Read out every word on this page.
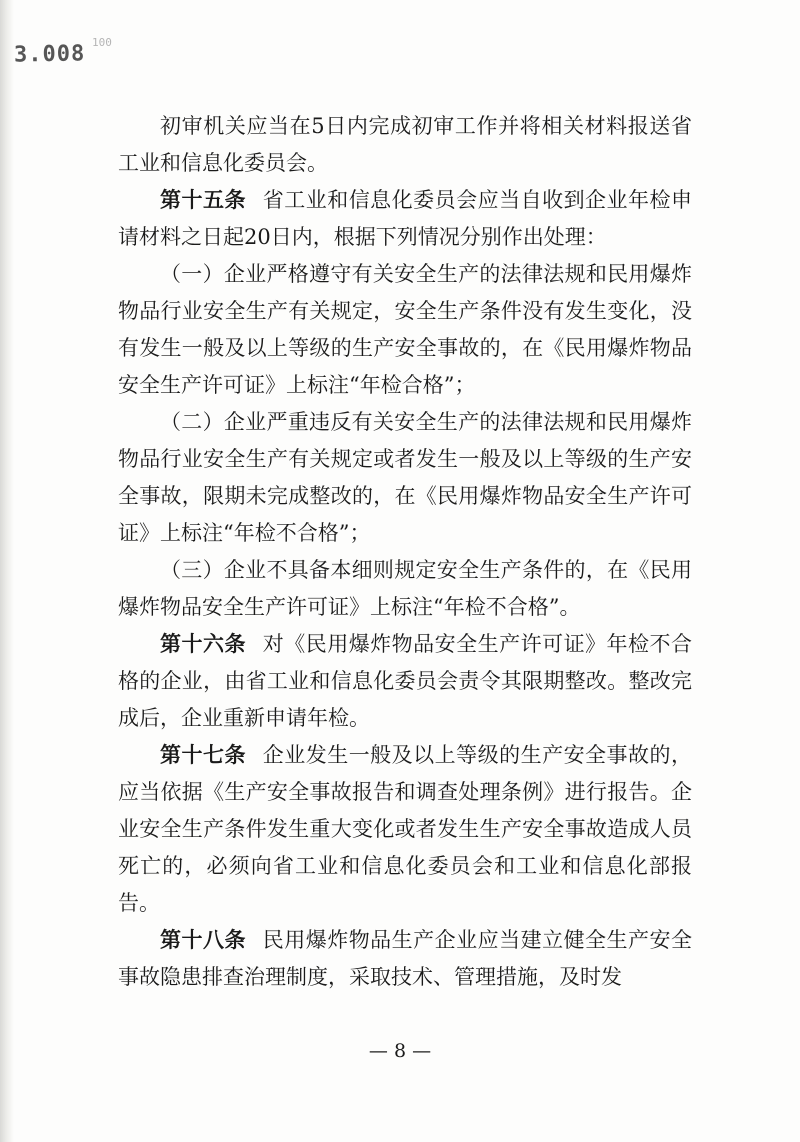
3.008 100

初审机关应当在5日内完成初审工作并将相关材料报送省工业和信息化委员会。

第十五条 省工业和信息化委员会应当自收到企业年检申请材料之日起20日内，根据下列情况分别作出处理：

（一）企业严格遵守有关安全生产的法律法规和民用爆炸物品行业安全生产有关规定，安全生产条件没有发生变化，没有发生一般及以上等级的生产安全事故的，在《民用爆炸物品安全生产许可证》上标注“年检合格”；

（二）企业严重违反有关安全生产的法律法规和民用爆炸物品行业安全生产有关规定或者发生一般及以上等级的生产安全事故，限期未完成整改的，在《民用爆炸物品安全生产许可证》上标注“年检不合格”；

（三）企业不具备本细则规定安全生产条件的，在《民用爆炸物品安全生产许可证》上标注“年检不合格”。

第十六条 对《民用爆炸物品安全生产许可证》年检不合格的企业，由省工业和信息化委员会责令其限期整改。整改完成后，企业重新申请年检。

第十七条 企业发生一般及以上等级的生产安全事故的，应当依据《生产安全事故报告和调查处理条例》进行报告。企业安全生产条件发生重大变化或者发生生产安全事故造成人员死亡的，必须向省工业和信息化委员会和工业和信息化部报告。

第十八条 民用爆炸物品生产企业应当建立健全生产安全事故隐患排查治理制度，采取技术、管理措施，及时发

— 8 —
